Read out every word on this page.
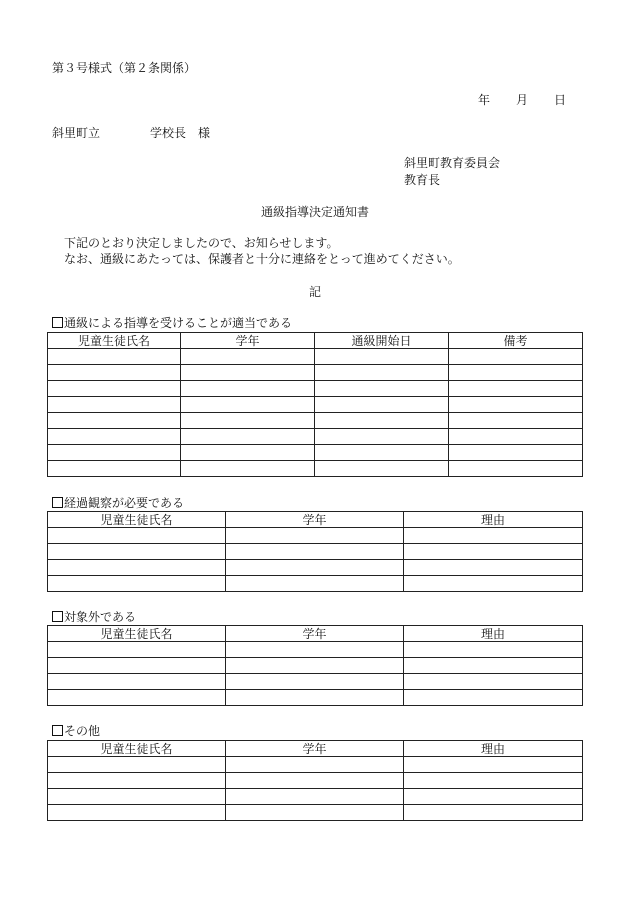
第３号様式（第２条関係）
年 月 日
斜里町立	学校長　様
斜里町教育委員会
教育長
通級指導決定通知書
下記のとおり決定しましたので、お知らせします。
なお、通級にあたっては、保護者と十分に連絡をとって進めてください。
記
通級による指導を受けることが適当である
児童生徒氏名	学年	通級開始日	備考

経過観察が必要である
児童生徒氏名	学年	理由

対象外である
児童生徒氏名	学年	理由

その他
児童生徒氏名	学年	理由
